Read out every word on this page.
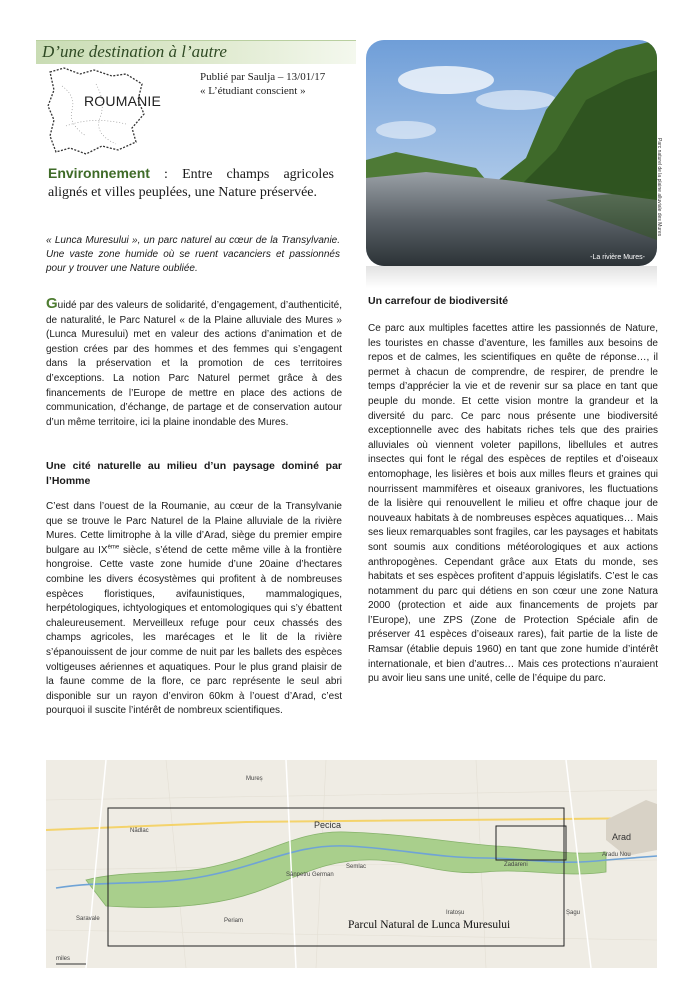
D’une destination à l’autre
ROUMANIE
Publié par Saulja – 13/01/17
« L’étudiant conscient »
-La rivière Mures-
Parc naturel de la plaine alluviale des Mures
Environnement : Entre champs agricoles alignés et villes peuplées, une Nature préservée.
« Lunca Muresului », un parc naturel au cœur de la Transylvanie. Une vaste zone humide où se ruent vacanciers et passionnés pour y trouver une Nature oubliée.
Guidé par des valeurs de solidarité, d’engagement, d’authenticité, de naturalité, le Parc Naturel « de la Plaine alluviale des Mures » (Lunca Muresului) met en valeur des actions d’animation et de gestion crées par des hommes et des femmes qui s’engagent dans la préservation et la promotion de ces territoires d’exceptions. La notion Parc Naturel permet grâce à des financements de l’Europe de mettre en place des actions de communication, d’échange, de partage et de conservation autour d’un même territoire, ici la plaine inondable des Mures.
Une cité naturelle au milieu d’un paysage dominé par l’Homme
C’est dans l’ouest de la Roumanie, au cœur de la Transylvanie que se trouve le Parc Naturel de la Plaine alluviale de la rivière Mures. Cette limitrophe à la ville d’Arad, siège du premier empire bulgare au IXème siècle, s’étend de cette même ville à la frontière hongroise. Cette vaste zone humide d’une 20aine d’hectares combine les divers écosystèmes qui profitent à de nombreuses espèces floristiques, avifaunistiques, mammalogiques, herpétologiques, ichtyologiques et entomologiques qui s’y ébattent chaleureusement. Merveilleux refuge pour ceux chassés des champs agricoles, les marécages et le lit de la rivière s’épanouissent de jour comme de nuit par les ballets des espèces voltigeuses aériennes et aquatiques. Pour le plus grand plaisir de la faune comme de la flore, ce parc représente le seul abri disponible sur un rayon d’environ 60km à l’ouest d’Arad, c’est pourquoi il suscite l’intérêt de nombreux scientifiques.
Un carrefour de biodiversité
Ce parc aux multiples facettes attire les passionnés de Nature, les touristes en chasse d’aventure, les familles aux besoins de repos et de calmes, les scientifiques en quête de réponse…, il permet à chacun de comprendre, de respirer, de prendre le temps d’apprécier la vie et de revenir sur sa place en tant que peuple du monde. Et cette vision montre la grandeur et la diversité du parc. Ce parc nous présente une biodiversité exceptionnelle avec des habitats riches tels que des prairies alluviales où viennent voleter papillons, libellules et autres insectes qui font le régal des espèces de reptiles et d’oiseaux entomophage, les lisières et bois aux milles fleurs et graines qui nourrissent mammifères et oiseaux granivores, les fluctuations de la lisière qui renouvellent le milieu et offre chaque jour de nouveaux habitats à de nombreuses espèces aquatiques… Mais ses lieux remarquables sont fragiles, car les paysages et habitats sont soumis aux conditions météorologiques et aux actions anthropogènes. Cependant grâce aux Etats du monde, ses habitats et ses espèces profitent d’appuis législatifs. C’est le cas notamment du parc qui détiens en son cœur une zone Natura 2000 (protection et aide aux financements de projets par l’Europe), une ZPS (Zone de Protection Spéciale afin de préserver 41 espèces d’oiseaux rares), fait partie de la liste de Ramsar (établie depuis 1960) en tant que zone humide d’intérêt internationale, et bien d’autres… Mais ces protections n’auraient pu avoir lieu sans une unité, celle de l’équipe du parc.
Nădlac
Pecica
Arad
Aradu Nou
Zadareni
Semlac
Sânpetru German
Periam
Șagu
Saravale
Iratoșu
Mureș
miles
Parcul Natural de Lunca Muresului
